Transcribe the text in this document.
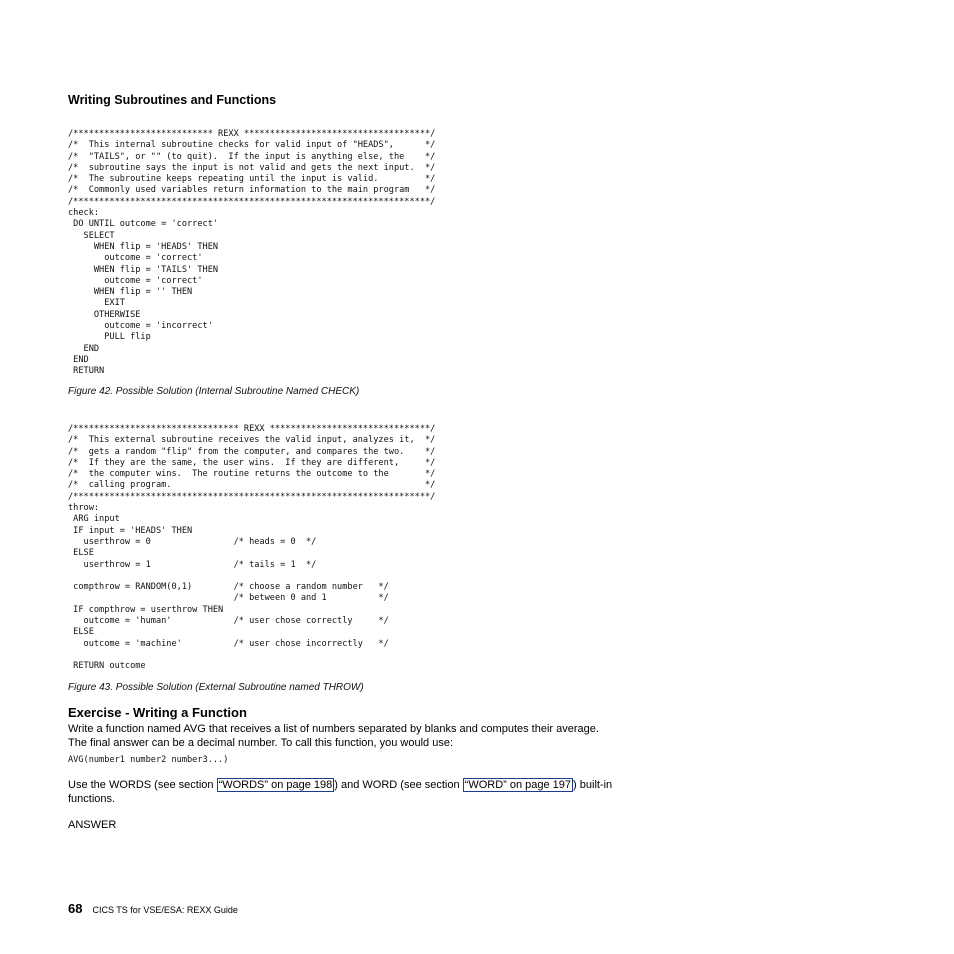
Writing Subroutines and Functions
/*************************** REXX ************************************/
/*  This internal subroutine checks for valid input of "HEADS",      */
/*  "TAILS", or "" (to quit).  If the input is anything else, the    */
/*  subroutine says the input is not valid and gets the next input.  */
/*  The subroutine keeps repeating until the input is valid.         */
/*  Commonly used variables return information to the main program   */
/*********************************************************************/
check:
DO UNTIL outcome = 'correct'
SELECT
WHEN flip = 'HEADS' THEN
outcome = 'correct'
WHEN flip = 'TAILS' THEN
outcome = 'correct'
WHEN flip = '' THEN
EXIT
OTHERWISE
outcome = 'incorrect'
PULL flip
END
END
RETURN
Figure 42. Possible Solution (Internal Subroutine Named CHECK)
/******************************** REXX *******************************/
/*  This external subroutine receives the valid input, analyzes it,  */
/*  gets a random "flip" from the computer, and compares the two.    */
/*  If they are the same, the user wins.  If they are different,     */
/*  the computer wins.  The routine returns the outcome to the       */
/*  calling program.                                                 */
/*********************************************************************/
throw:
ARG input
IF input = 'HEADS' THEN
userthrow = 0                /* heads = 0  */
ELSE
userthrow = 1                /* tails = 1  */

compthrow = RANDOM(0,1)        /* choose a random number   */
/* between 0 and 1          */
IF compthrow = userthrow THEN
outcome = 'human'            /* user chose correctly     */
ELSE
outcome = 'machine'          /* user chose incorrectly   */

RETURN outcome
Figure 43. Possible Solution (External Subroutine named THROW)
Exercise - Writing a Function
Write a function named AVG that receives a list of numbers separated by blanks and computes their average. The final answer can be a decimal number. To call this function, you would use:
AVG(number1 number2 number3...)
Use the WORDS (see section “WORDS” on page 198 ) and WORD (see section “WORD” on page 197 ) built-in functions.
ANSWER
68 CICS TS for VSE/ESA: REXX Guide
